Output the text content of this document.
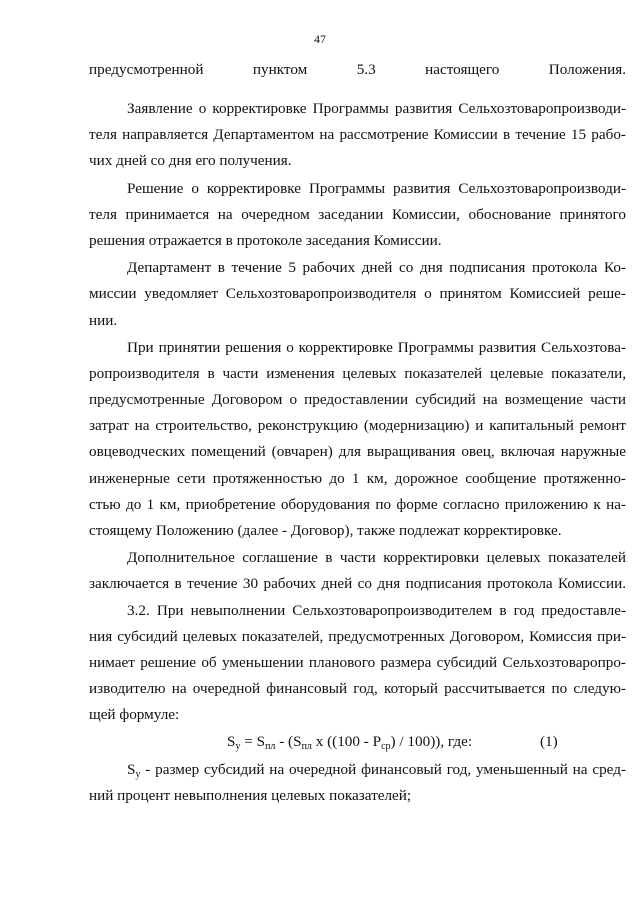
47
предусмотренной пунктом 5.3 настоящего Положения.
Заявление о корректировке Программы развития Сельхозтоваропроизводи-
теля направляется Департаментом на рассмотрение Комиссии в течение 15 рабо-
чих дней со дня его получения.
Решение о корректировке Программы развития Сельхозтоваропроизводи-
теля принимается на очередном заседании Комиссии, обоснование принятого
решения отражается в протоколе заседания Комиссии.
Департамент в течение 5 рабочих дней со дня подписания протокола Ко-
миссии уведомляет Сельхозтоваропроизводителя о принятом Комиссией реше-
нии.
При принятии решения о корректировке Программы развития Сельхозтова-
ропроизводителя в части изменения целевых показателей целевые показатели,
предусмотренные Договором о предоставлении субсидий на возмещение части
затрат на строительство, реконструкцию (модернизацию) и капитальный ремонт
овцеводческих помещений (овчарен) для выращивания овец, включая наружные
инженерные сети протяженностью до 1 км, дорожное сообщение протяженно-
стью до 1 км, приобретение оборудования по форме согласно приложению к на-
стоящему Положению (далее - Договор), также подлежат корректировке.
Дополнительное соглашение в части корректировки целевых показателей
заключается в течение 30 рабочих дней со дня подписания протокола Комиссии.
3.2. При невыполнении Сельхозтоваропроизводителем в год предоставле-
ния субсидий целевых показателей, предусмотренных Договором, Комиссия при-
нимает решение об уменьшении планового размера субсидий Сельхозтоваропро-
изводителю на очередной финансовый год, который рассчитывается по следую-
щей формуле:
$S_у = S_{пл} - (S_{пл}$ x $((100 - P_{ср}) / 100)$), где:	(1)
$S_у$ - размер субсидий на очередной финансовый год, уменьшенный на сред-
ний процент невыполнения целевых показателей;
